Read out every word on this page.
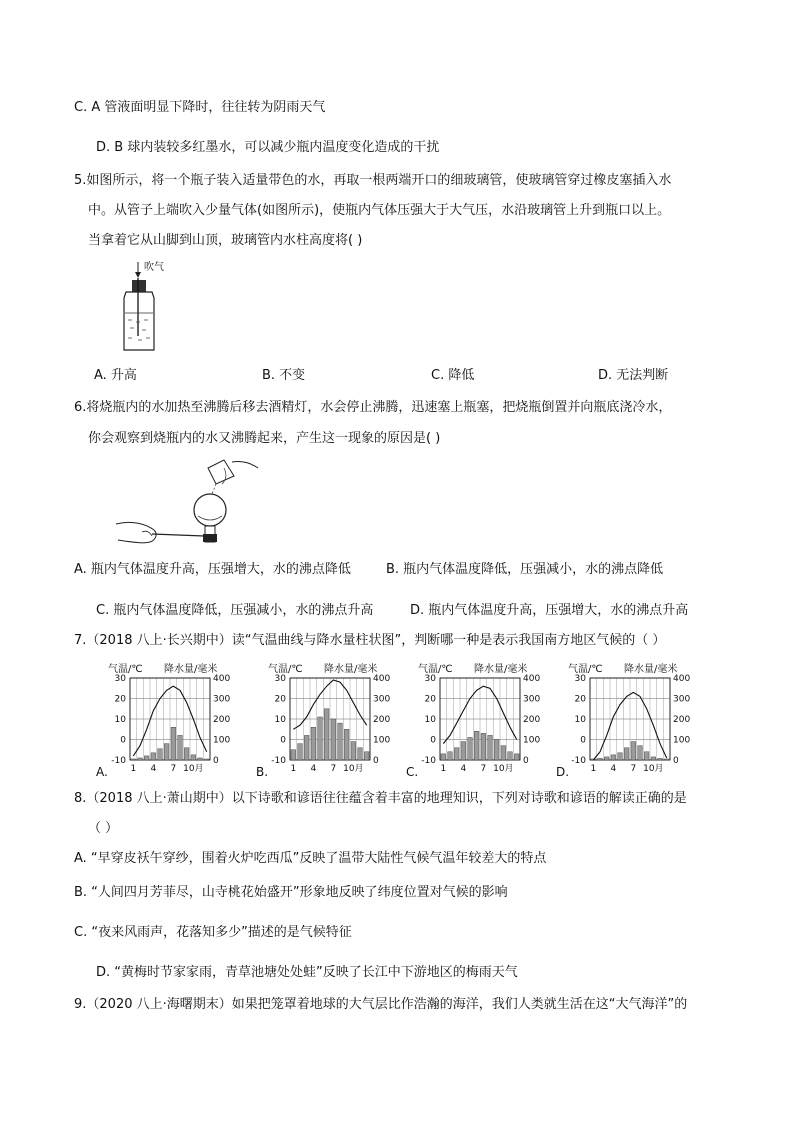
C. A 管液面明显下降时，往往转为阴雨天气
D. B 球内装较多红墨水，可以减少瓶内温度变化造成的干扰
5.如图所示，将一个瓶子装入适量带色的水，再取一根两端开口的细玻璃管，使玻璃管穿过橡皮塞插入水
中。从管子上端吹入少量气体(如图所示)，使瓶内气体压强大于大气压，水沿玻璃管上升到瓶口以上。
当拿着它从山脚到山顶，玻璃管内水柱高度将( )
吹气
A. 升高	B. 不变	C. 降低	D. 无法判断
6.将烧瓶内的水加热至沸腾后移去酒精灯，水会停止沸腾，迅速塞上瓶塞，把烧瓶倒置并向瓶底浇冷水，
你会观察到烧瓶内的水又沸腾起来，产生这一现象的原因是( )
A. 瓶内气体温度升高，压强增大，水的沸点降低	B. 瓶内气体温度降低，压强减小，水的沸点降低
C. 瓶内气体温度降低，压强减小，水的沸点升高	D. 瓶内气体温度升高，压强增大，水的沸点升高
7.（2018 八上·长兴期中）读“气温曲线与降水量柱状图”，判断哪一种是表示我国南方地区气候的（ ）
气温/℃ 降水量/毫米
-10
0
10
20
30
0
100
200
300
400
1 4 7 10月
A.
气温/℃ 降水量/毫米
-10
0
10
20
30
0
100
200
300
400
1 4 7 10月
B.
气温/℃ 降水量/毫米
-10
0
10
20
30
0
100
200
300
400
1 4 7 10月
C.
气温/℃ 降水量/毫米
-10
0
10
20
30
0
100
200
300
400
1 4 7 10月
D.
8.（2018 八上·萧山期中）以下诗歌和谚语往往蕴含着丰富的地理知识，下列对诗歌和谚语的解读正确的是
（ ）
A. “早穿皮袄午穿纱，围着火炉吃西瓜”反映了温带大陆性气候气温年较差大的特点
B. “人间四月芳菲尽，山寺桃花始盛开”形象地反映了纬度位置对气候的影响
C. “夜来风雨声，花落知多少”描述的是气候特征
D. “黄梅时节家家雨，青草池塘处处蛙”反映了长江中下游地区的梅雨天气
9.（2020 八上·海曙期末）如果把笼罩着地球的大气层比作浩瀚的海洋，我们人类就生活在这“大气海洋”的
